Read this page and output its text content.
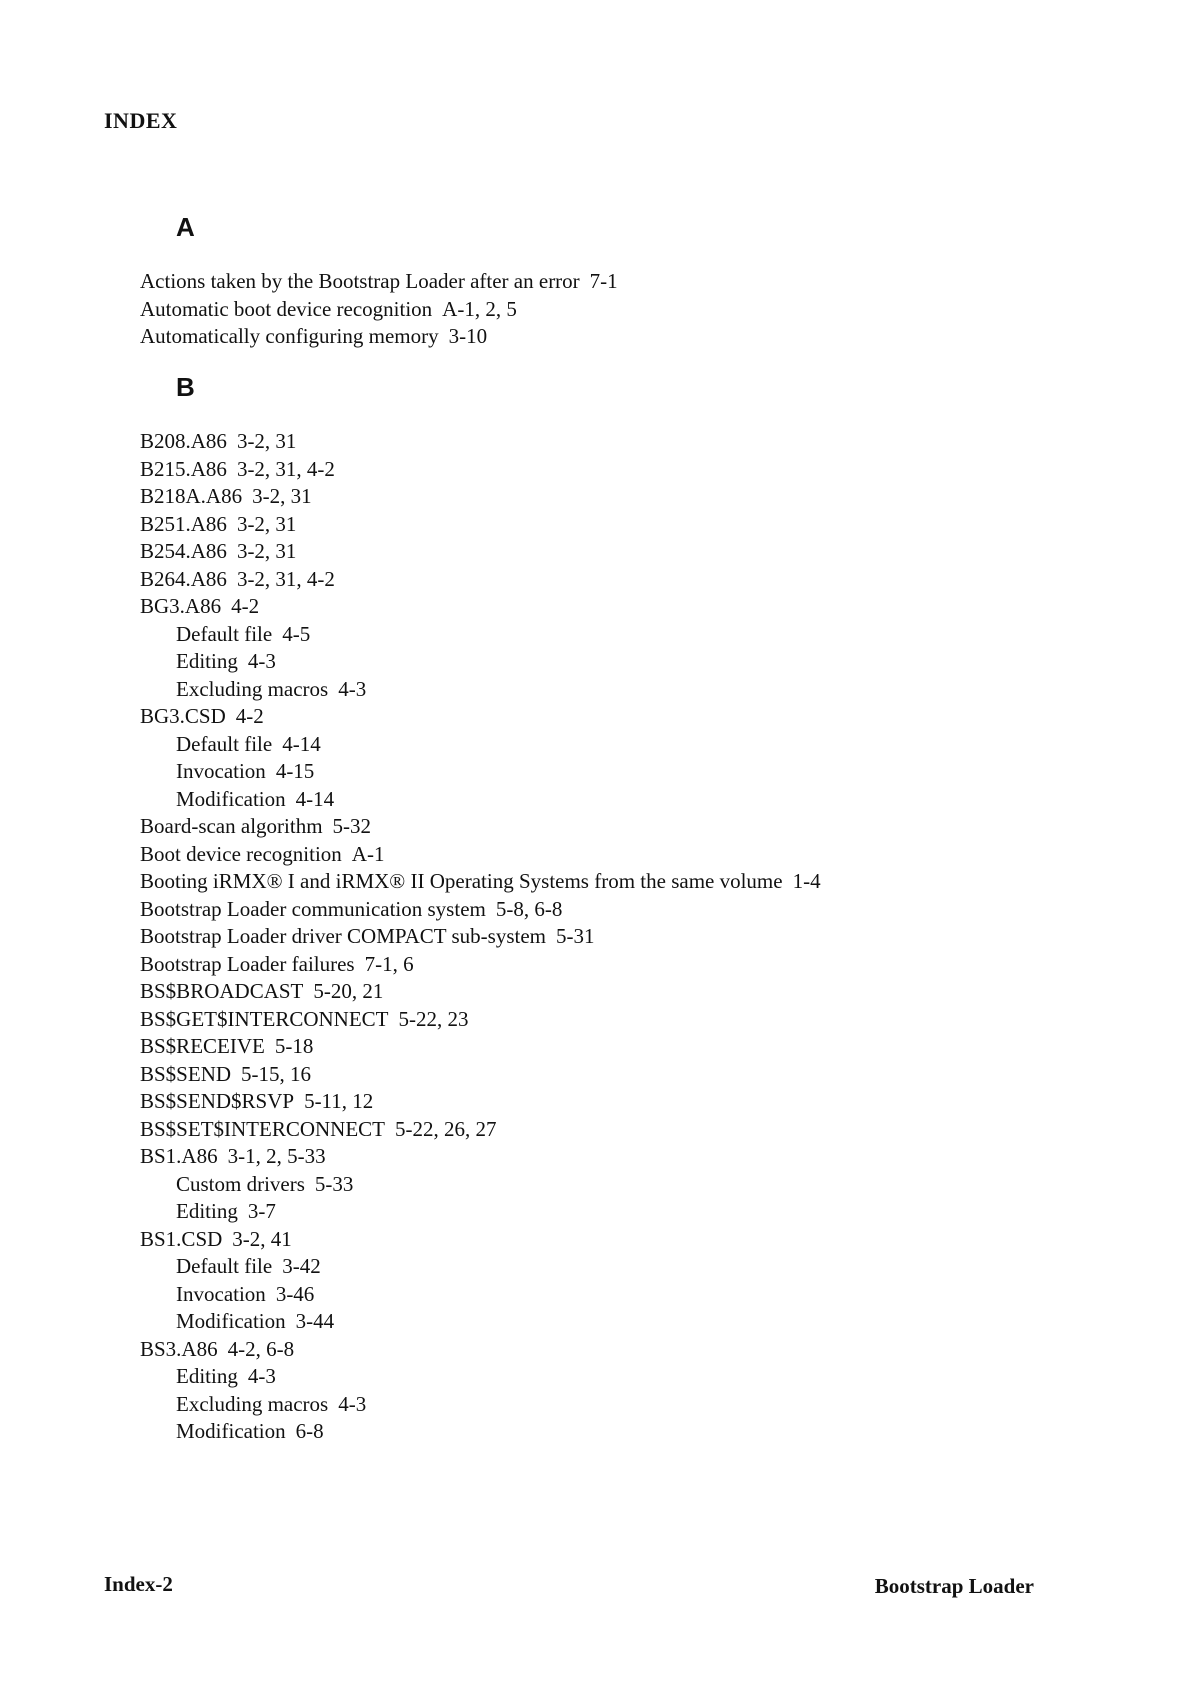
INDEX
A
Actions taken by the Bootstrap Loader after an error 7-1
Automatic boot device recognition A-1, 2, 5
Automatically configuring memory 3-10
B
B208.A86 3-2, 31
B215.A86 3-2, 31, 4-2
B218A.A86 3-2, 31
B251.A86 3-2, 31
B254.A86 3-2, 31
B264.A86 3-2, 31, 4-2
BG3.A86 4-2
Default file 4-5
Editing 4-3
Excluding macros 4-3
BG3.CSD 4-2
Default file 4-14
Invocation 4-15
Modification 4-14
Board-scan algorithm 5-32
Boot device recognition A-1
Booting iRMX® I and iRMX® II Operating Systems from the same volume 1-4
Bootstrap Loader communication system 5-8, 6-8
Bootstrap Loader driver COMPACT sub-system 5-31
Bootstrap Loader failures 7-1, 6
BS$BROADCAST 5-20, 21
BS$GET$INTERCONNECT 5-22, 23
BS$RECEIVE 5-18
BS$SEND 5-15, 16
BS$SEND$RSVP 5-11, 12
BS$SET$INTERCONNECT 5-22, 26, 27
BS1.A86 3-1, 2, 5-33
Custom drivers 5-33
Editing 3-7
BS1.CSD 3-2, 41
Default file 3-42
Invocation 3-46
Modification 3-44
BS3.A86 4-2, 6-8
Editing 4-3
Excluding macros 4-3
Modification 6-8
Index-2	Bootstrap Loader
